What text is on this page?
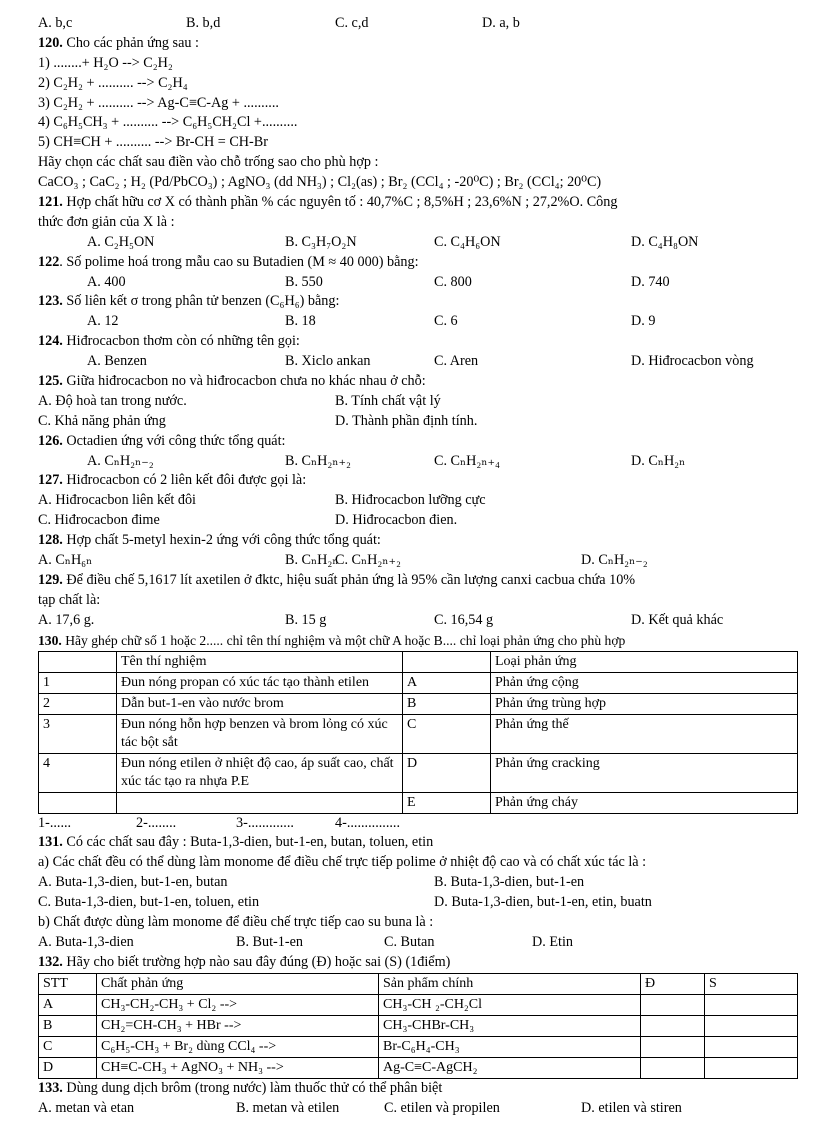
A. b,c	B. b,d	C. c,d	D. a, b
120. Cho các phản ứng sau :
1) ........+ H₂O --> C₂H₂
2) C₂H₂ + .......... --> C₂H₄
3) C₂H₂ + .......... --> Ag-C≡C-Ag + ..........
4) C₆H₅CH₃ + .......... --> C₆H₅CH₂Cl +..........
5) CH≡CH + .......... --> Br-CH = CH-Br
Hãy chọn các chất sau điền vào chỗ trống sao cho phù hợp :
CaCO₃ ; CaC₂ ; H₂ (Pd/PbCO₃) ; AgNO₃ (dd NH₃) ; Cl₂(as) ; Br₂ (CCl₄ ; -20⁰C) ; Br₂ (CCl₄; 20⁰C)
121. Hợp chất hữu cơ X có thành phần % các nguyên tố : 40,7%C ; 8,5%H ; 23,6%N ; 27,2%O. Công
thức đơn giản của X là :
A. C₂H₅ON	B. C₃H₇O₂N	C. C₄H₆ON	D. C₄H₈ON
122. Số polime hoá trong mẫu cao su Butadien (M ≈ 40 000) bằng:
A. 400	B. 550	C. 800	D. 740
123. Số liên kết σ trong phân tử benzen (C₆H₆) bằng:
A. 12	B. 18	C. 6	D. 9
124. Hiđrocacbon thơm còn có những tên gọi:
A. Benzen	B. Xiclo ankan	C. Aren	D. Hiđrocacbon vòng
125. Giữa hiđrocacbon no và hiđrocacbon chưa no khác nhau ở chỗ:
A. Độ hoà tan trong nước.	B. Tính chất vật lý
C. Khả năng phản ứng	D. Thành phần định tính.
126. Octadien ứng với công thức tổng quát:
A. CₙH₂ₙ₋₂	B. CₙH₂ₙ₊₂	C. CₙH₂ₙ₊₄	D. CₙH₂ₙ
127. Hiđrocacbon có 2 liên kết đôi được gọi là:
A. Hiđrocacbon liên kết đôi	B. Hiđrocacbon lưỡng cực
C. Hiđrocacbon đime	D. Hiđrocacbon đien.
128. Hợp chất 5-metyl hexin-2 ứng với công thức tổng quát:
A. CₙH₆ₙ	B. CₙH₂ₙ
C. CₙH₂ₙ₊₂	D. CₙH₂ₙ₋₂
129. Để điều chế 5,1617 lít axetilen ở đktc, hiệu suất phản ứng là 95% cần lượng canxi cacbua chứa 10%
tạp chất là:
A. 17,6 g.	B. 15 g	C. 16,54 g	D. Kết quả khác
130. Hãy ghép chữ số 1 hoặc 2..... chỉ tên thí nghiệm và một chữ A hoặc B.... chỉ loại phản ứng cho phù hợp
	Tên thí nghiệm		Loại phản ứng
1	Đun nóng propan có xúc tác tạo thành etilen	A	Phản ứng cộng
2	Dẫn but-1-en vào nước brom	B	Phản ứng trùng hợp
3	Đun nóng hỗn hợp benzen và brom lỏng có xúc tác bột sắt	C	Phản ứng thế
4	Đun nóng etilen ở nhiệt độ cao, áp suất cao, chất xúc tác tạo ra nhựa P.E	D	Phản ứng cracking
		E	Phản ứng cháy
1-......	2-........	3-.............	4-...............
131. Có các chất sau đây : Buta-1,3-dien, but-1-en, butan, toluen, etin
a) Các chất đều có thể dùng làm monome để điều chế trực tiếp polime ở nhiệt độ cao và có chất xúc tác là :
A. Buta-1,3-dien, but-1-en, butan	B. Buta-1,3-dien, but-1-en
C. Buta-1,3-dien, but-1-en, toluen, etin	D. Buta-1,3-dien, but-1-en, etin, buatn
b) Chất được dùng làm monome để điều chế trực tiếp cao su buna là :
A. Buta-1,3-dien	B. But-1-en	C. Butan	D. Etin
132. Hãy cho biết trường hợp nào sau đây đúng (Đ) hoặc sai (S) (1điểm)
STT	Chất phản ứng	Sản phẩm chính	Đ	S
A	CH₃-CH₂-CH₃ + Cl₂ -->	CH₃-CH ₂-CH₂Cl		
B	CH₂=CH-CH₃ + HBr -->	CH₃-CHBr-CH₃		
C	C₆H₅-CH₃ + Br₂ dùng CCl₄ -->	Br-C₆H₄-CH₃		
D	CH≡C-CH₃ + AgNO₃ + NH₃ -->	Ag-C≡C-AgCH₂		
133. Dùng dung dịch brôm (trong nước) làm thuốc thử có thể phân biệt
A. metan và etan	B. metan và etilen	C. etilen và propilen	D. etilen và stiren
